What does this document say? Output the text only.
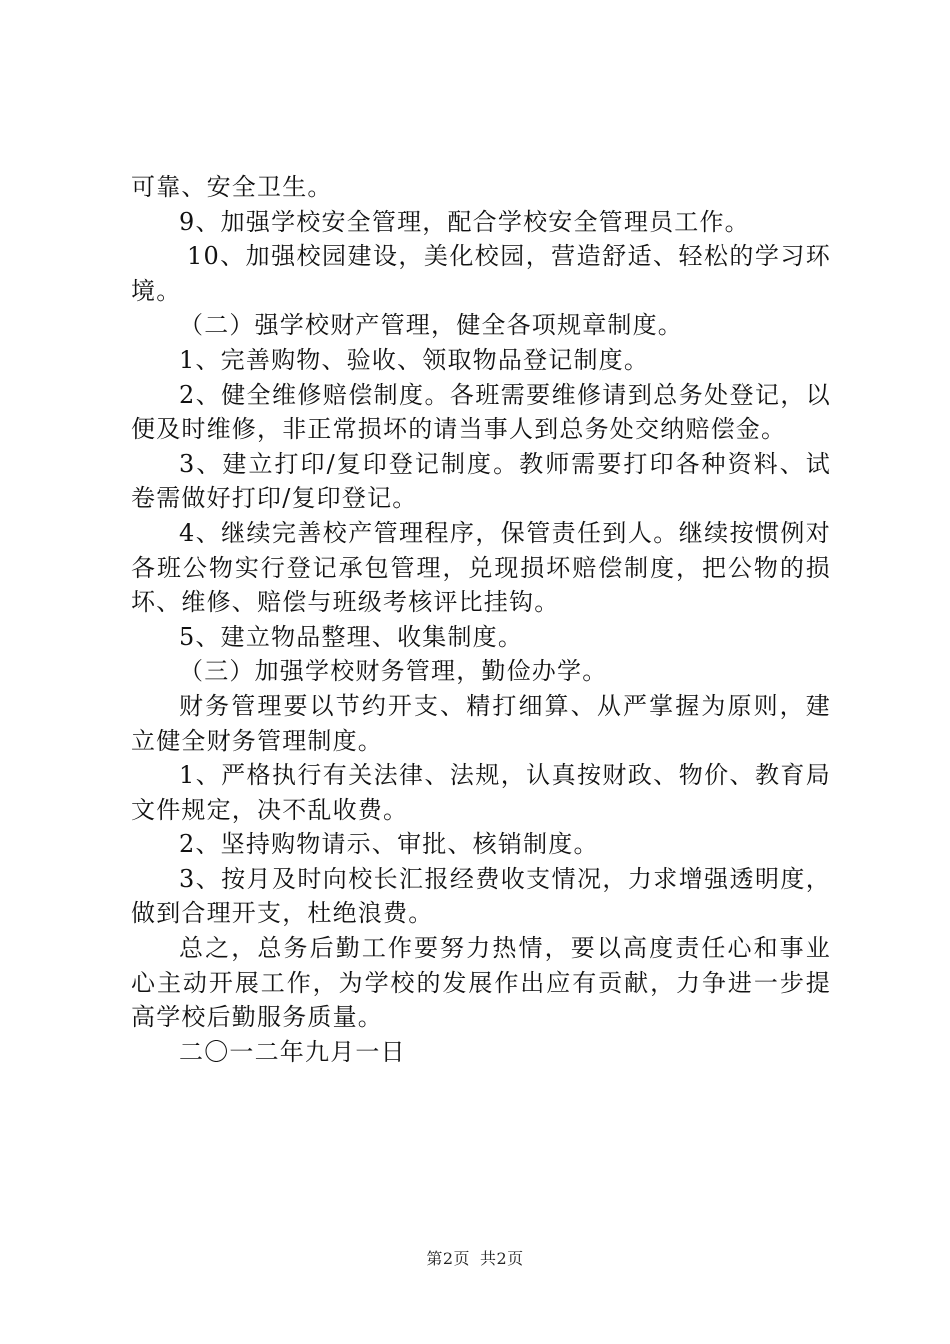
可靠、安全卫生。

9、加强学校安全管理，配合学校安全管理员工作。

10、加强校园建设，美化校园，营造舒适、轻松的学习环境。

（二）强学校财产管理，健全各项规章制度。

1、完善购物、验收、领取物品登记制度。

2、健全维修赔偿制度。各班需要维修请到总务处登记，以便及时维修，非正常损坏的请当事人到总务处交纳赔偿金。

3、建立打印/复印登记制度。教师需要打印各种资料、试卷需做好打印/复印登记。

4、继续完善校产管理程序，保管责任到人。继续按惯例对各班公物实行登记承包管理，兑现损坏赔偿制度，把公物的损坏、维修、赔偿与班级考核评比挂钩。

5、建立物品整理、收集制度。

（三）加强学校财务管理，勤俭办学。

财务管理要以节约开支、精打细算、从严掌握为原则，建立健全财务管理制度。

1、严格执行有关法律、法规，认真按财政、物价、教育局文件规定，决不乱收费。

2、坚持购物请示、审批、核销制度。

3、按月及时向校长汇报经费收支情况，力求增强透明度，做到合理开支，杜绝浪费。

总之，总务后勤工作要努力热情，要以高度责任心和事业心主动开展工作，为学校的发展作出应有贡献，力争进一步提高学校后勤服务质量。

二〇一二年九月一日

第2页 共2页
